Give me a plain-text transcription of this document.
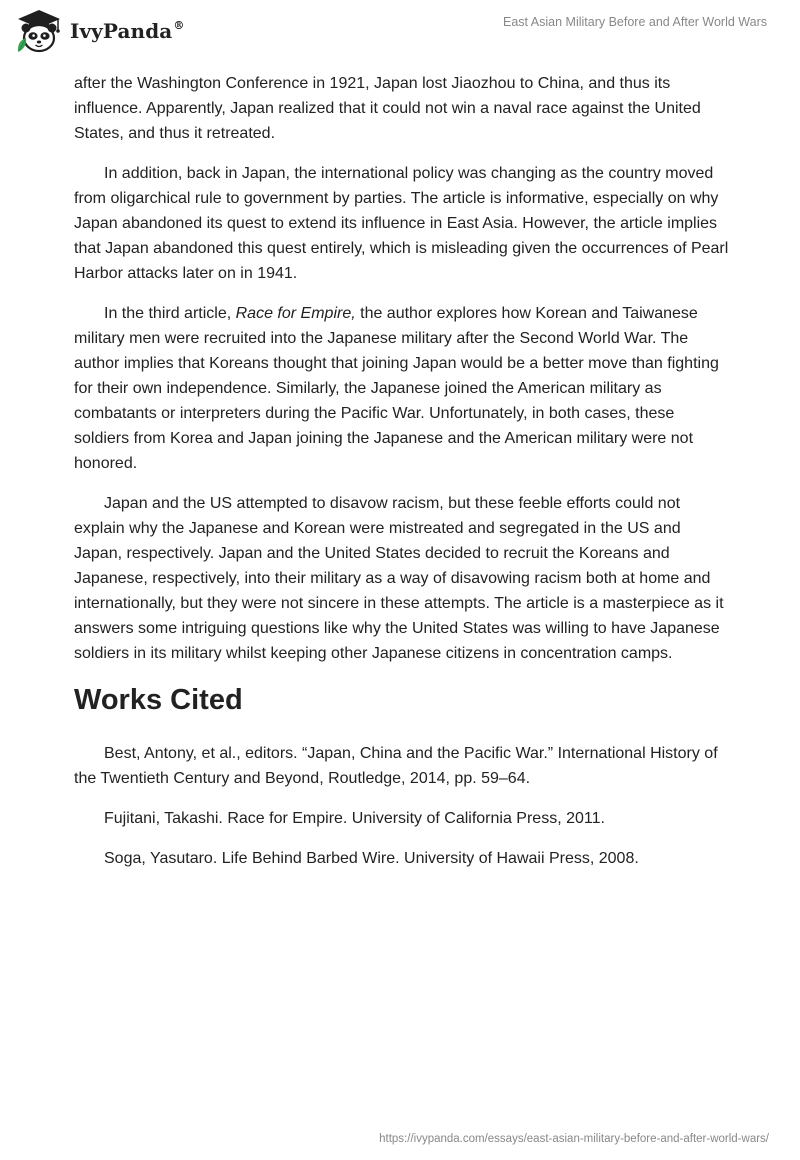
IvyPanda®	East Asian Military Before and After World Wars

after the Washington Conference in 1921, Japan lost Jiaozhou to China, and thus its influence. Apparently, Japan realized that it could not win a naval race against the United States, and thus it retreated.

In addition, back in Japan, the international policy was changing as the country moved from oligarchical rule to government by parties. The article is informative, especially on why Japan abandoned its quest to extend its influence in East Asia. However, the article implies that Japan abandoned this quest entirely, which is misleading given the occurrences of Pearl Harbor attacks later on in 1941.

In the third article, Race for Empire, the author explores how Korean and Taiwanese military men were recruited into the Japanese military after the Second World War. The author implies that Koreans thought that joining Japan would be a better move than fighting for their own independence. Similarly, the Japanese joined the American military as combatants or interpreters during the Pacific War. Unfortunately, in both cases, these soldiers from Korea and Japan joining the Japanese and the American military were not honored.

Japan and the US attempted to disavow racism, but these feeble efforts could not explain why the Japanese and Korean were mistreated and segregated in the US and Japan, respectively. Japan and the United States decided to recruit the Koreans and Japanese, respectively, into their military as a way of disavowing racism both at home and internationally, but they were not sincere in these attempts. The article is a masterpiece as it answers some intriguing questions like why the United States was willing to have Japanese soldiers in its military whilst keeping other Japanese citizens in concentration camps.

Works Cited

Best, Antony, et al., editors. “Japan, China and the Pacific War.” International History of the Twentieth Century and Beyond, Routledge, 2014, pp. 59–64.

Fujitani, Takashi. Race for Empire. University of California Press, 2011.

Soga, Yasutaro. Life Behind Barbed Wire. University of Hawaii Press, 2008.

https://ivypanda.com/essays/east-asian-military-before-and-after-world-wars/
